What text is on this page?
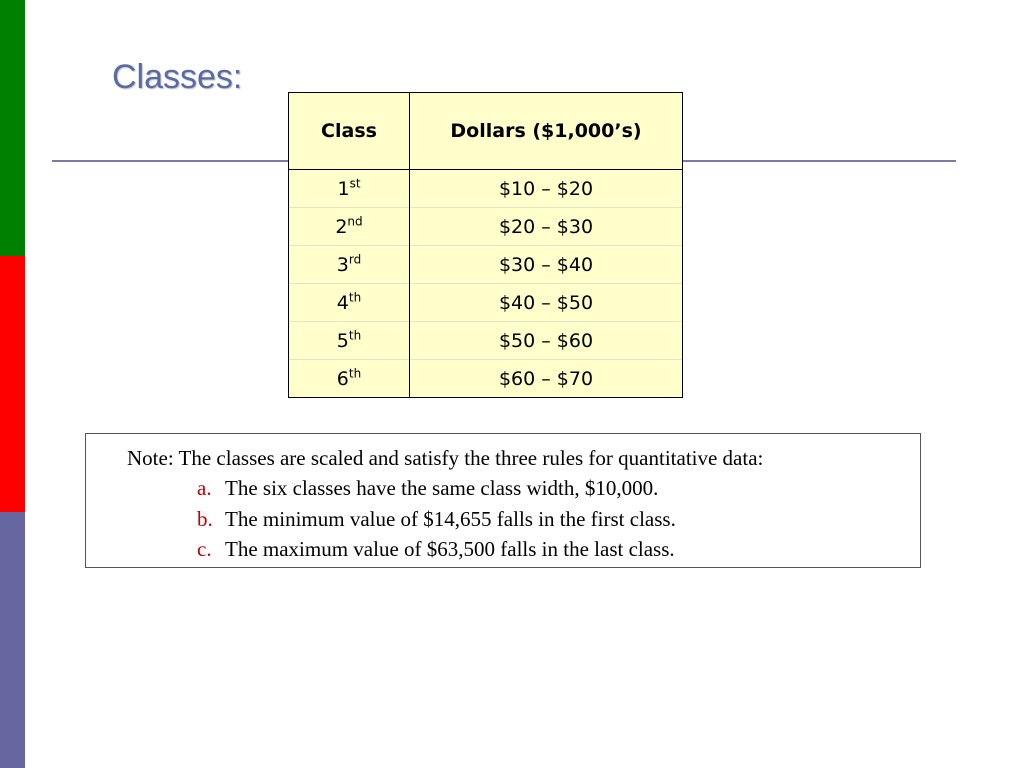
Classes:
Class	Dollars ($1,000’s)
1st	$10 – $20
2nd	$20 – $30
3rd	$30 – $40
4th	$40 – $50
5th	$50 – $60
6th	$60 – $70
Note: The classes are scaled and satisfy the three rules for quantitative data:
a. The six classes have the same class width, $10,000.
b. The minimum value of $14,655 falls in the first class.
c. The maximum value of $63,500 falls in the last class.
